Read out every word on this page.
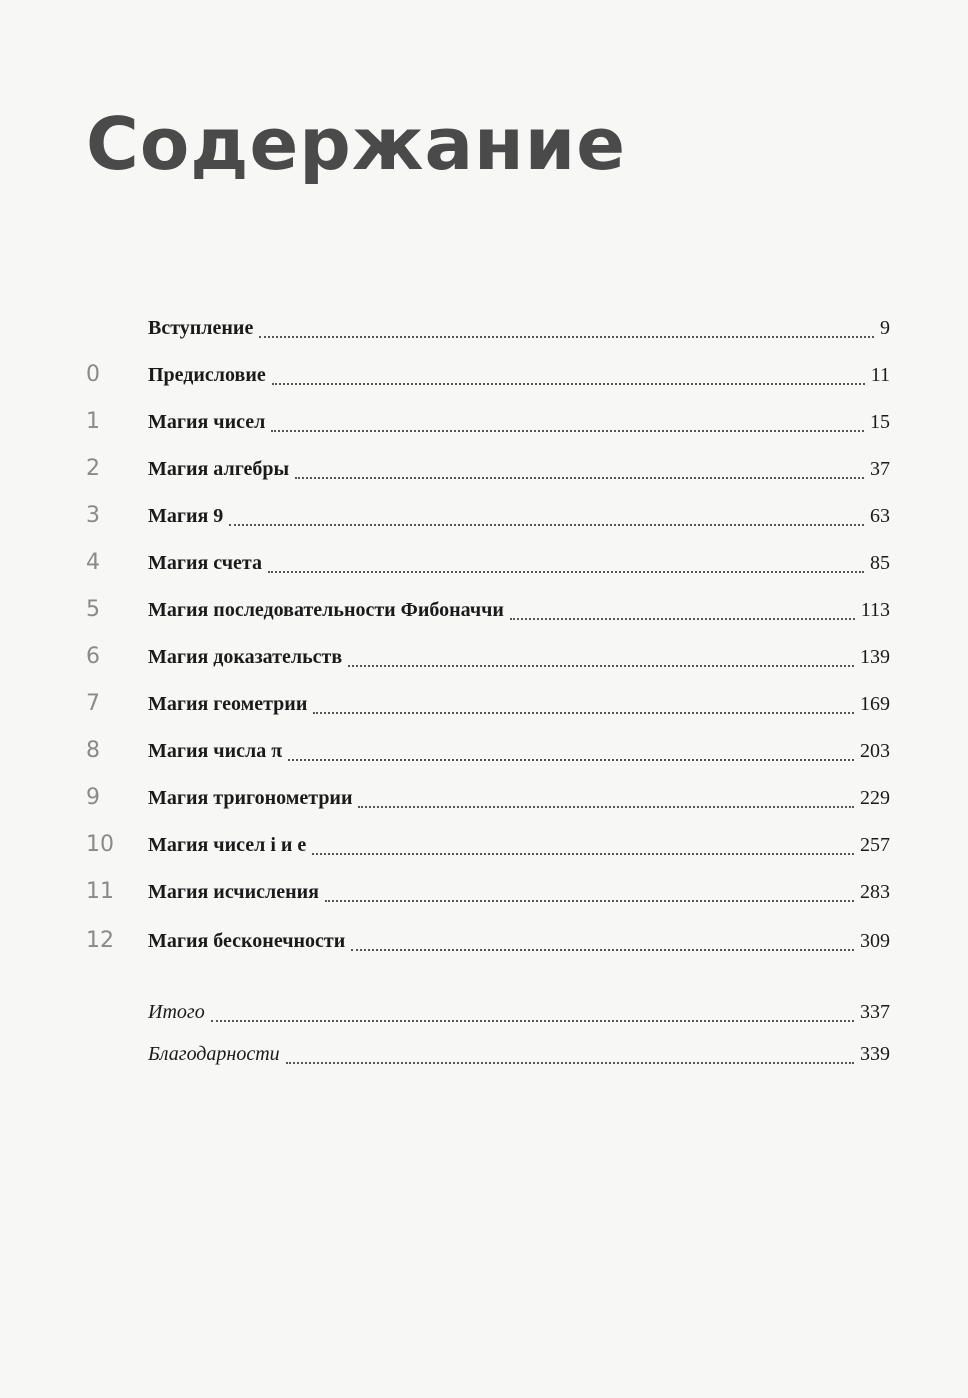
Содержание
Вступление	9
0	Предисловие	11
1	Магия чисел	15
2	Магия алгебры	37
3	Магия 9	63
4	Магия счета	85
5	Магия последовательности Фибоначчи	113
6	Магия доказательств	139
7	Магия геометрии	169
8	Магия числа π	203
9	Магия тригонометрии	229
10	Магия чисел i и e	257
11	Магия исчисления	283
12	Магия бесконечности	309
Итого	337
Благодарности	339
